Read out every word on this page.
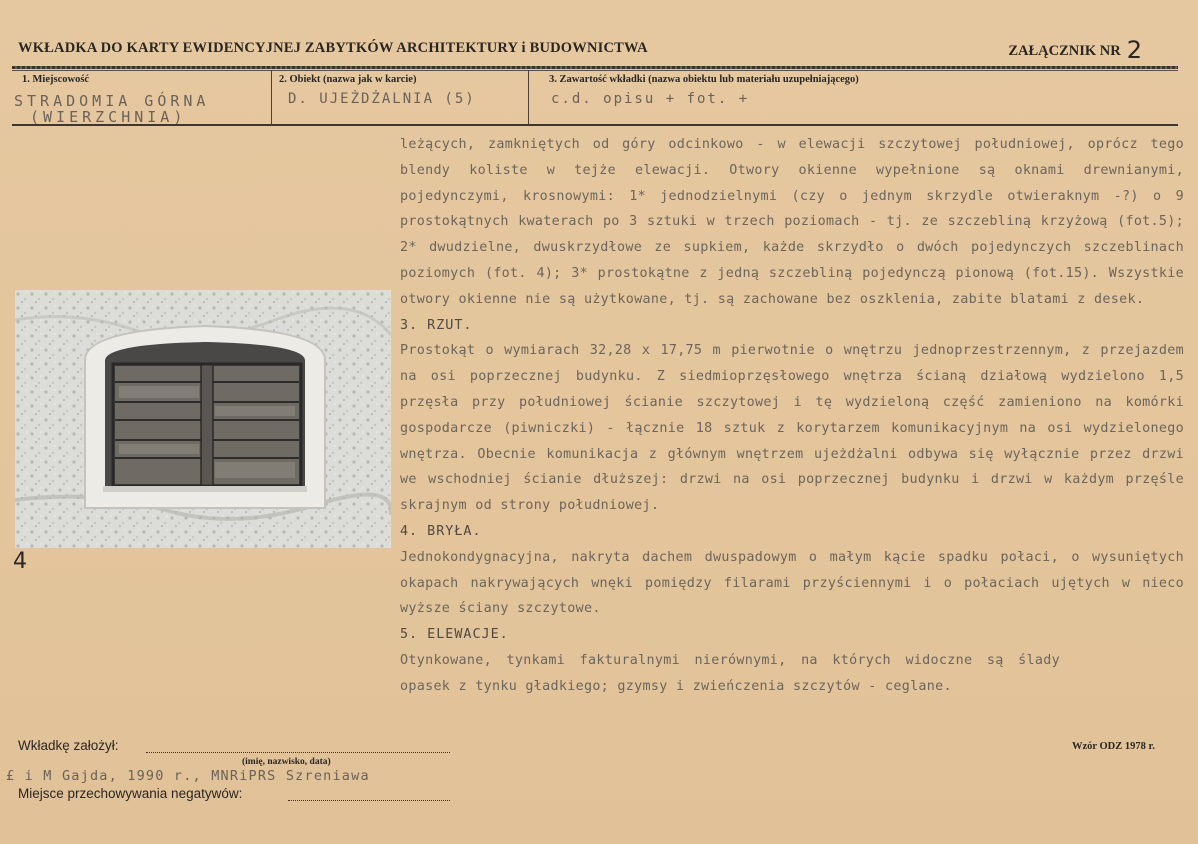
WKŁADKA DO KARTY EWIDENCYJNEJ ZABYTKÓW ARCHITEKTURY i BUDOWNICTWA	ZAŁĄCZNIK NR 2
1. Miejscowość
STRADOMIA GÓRNA
(WIERZCHNIA)
2. Obiekt (nazwa jak w karcie)
D. UJEŻDŻALNIA (5)
3. Zawartość wkładki (nazwa obiektu lub materiału uzupełniającego)
c.d. opisu + fot. +
4

leżących, zamkniętych od góry odcinkowo - w elewacji szczytowej południowej, oprócz tego blendy koliste w tejże elewacji. Otwory okienne wypełnione są oknami drewnianymi, pojedynczymi, krosnowymi: 1* jednodzielnymi (czy o jednym skrzydle otwieraknym -?) o 9 prostokątnych kwaterach po 3 sztuki w trzech poziomach - tj. ze szczebliną krzyżową (fot.5); 2* dwudzielne, dwuskrzydłowe ze supkiem, każde skrzydło o dwóch pojedynczych szczeblinach poziomych (fot. 4); 3* prostokątne z jedną szczebliną pojedynczą pionową (fot.15). Wszystkie otwory okienne nie są użytkowane, tj. są zachowane bez oszklenia, zabite blatami z desek.

3. RZUT.

Prostokąt o wymiarach 32,28 x 17,75 m pierwotnie o wnętrzu jednoprzestrzennym, z przejazdem na osi poprzecznej budynku. Z siedmioprzęsłowego wnętrza ścianą działową wydzielono 1,5 przęsła przy południowej ścianie szczytowej i tę wydzieloną część zamieniono na komórki gospodarcze (piwniczki) - łącznie 18 sztuk z korytarzem komunikacyjnym na osi wydzielonego wnętrza. Obecnie komunikacja z głównym wnętrzem ujeżdżalni odbywa się wyłącznie przez drzwi we wschodniej ścianie dłuższej: drzwi na osi poprzecznej budynku i drzwi w każdym przęśle skrajnym od strony południowej.

4. BRYŁA.

Jednokondygnacyjna, nakryta dachem dwuspadowym o małym kącie spadku połaci, o wysuniętych okapach nakrywających wnęki pomiędzy filarami przyściennymi i o połaciach ujętych w nieco wyższe ściany szczytowe.

5. ELEWACJE.

Otynkowane, tynkami fakturalnymi nierównymi, na których widoczne są ślady opasek z tynku gładkiego; gzymsy i zwieńczenia szczytów - ceglane.

Wkładkę założył:
(imię, nazwisko, data)
£ i M Gajda, 1990 r., MNRiPRS Szreniawa
Miejsce przechowywania negatywów:
Wzór ODZ 1978 r.
